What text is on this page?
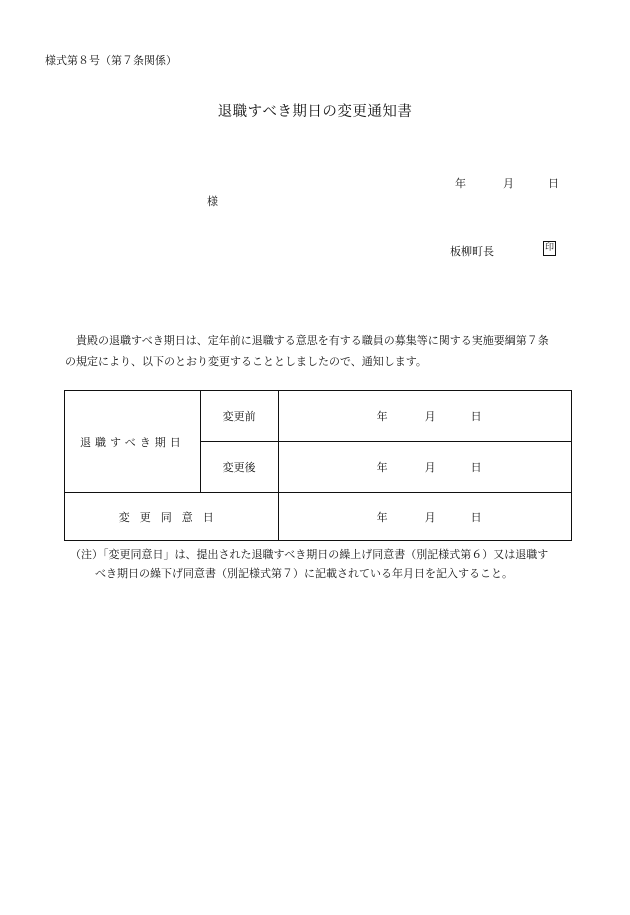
様式第８号（第７条関係）
退職すべき期日の変更通知書
年	月	日
様
板柳町長	印

貴殿の退職すべき期日は、定年前に退職する意思を有する職員の募集等に関する実施要綱第７条

の規定により、以下のとおり変更することとしましたので、通知します。

退職すべき期日	変更前	年 月 日

	変更後	年 月 日

変更同意日		年 月 日
（注）「変更同意日」は、提出された退職すべき期日の繰上げ同意書（別記様式第６）又は退職す
べき期日の繰下げ同意書（別記様式第７）に記載されている年月日を記入すること。
